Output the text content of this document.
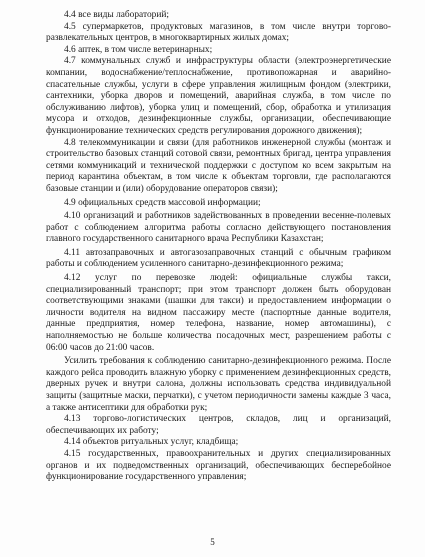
4.4 все виды лабораторий;

4.5 супермаркетов, продуктовых магазинов, в том числе внутри торгово-развлекательных центров, в многоквартирных жилых домах;

4.6 аптек, в том числе ветеринарных;

4.7 коммунальных служб и инфраструктуры области (электроэнергетические компании, водоснабжение/теплоснабжение, противопожарная и аварийно-спасательные службы, услуги в сфере управления жилищным фондом (электрики, сантехники, уборка дворов и помещений, аварийная служба, в том числе по обслуживанию лифтов), уборка улиц и помещений, сбор, обработка и утилизация мусора и отходов, дезинфекционные службы, организации, обеспечивающие функционирование технических средств регулирования дорожного движения);

4.8 телекоммуникации и связи (для работников инженерной службы (монтаж и строительство базовых станций сотовой связи, ремонтных бригад, центра управления сетями коммуникаций и технической поддержки с доступом ко всем закрытым на период карантина объектам, в том числе к объектам торговли, где располагаются базовые станции и (или) оборудование операторов связи);

4.9 официальных средств массовой информации;

4.10 организаций и работников задействованных в проведении весенне-полевых работ с соблюдением алгоритма работы согласно действующего постановления главного государственного санитарного врача Республики Казахстан;

4.11 автозаправочных и автогазозаправочных станций с обычным графиком работы и соблюдением усиленного санитарно-дезинфекционного режима;

4.12 услуг по перевозке людей: официальные службы такси, специализированный транспорт; при этом транспорт должен быть оборудован соответствующими знаками (шашки для такси) и предоставлением информации о личности водителя на видном пассажиру месте (паспортные данные водителя, данные предприятия, номер телефона, название, номер автомашины), с наполняемостью не больше количества посадочных мест, разрешением работы с 06:00 часов до 21:00 часов.

Усилить требования к соблюдению санитарно-дезинфекционного режима. После каждого рейса проводить влажную уборку с применением дезинфекционных средств, дверных ручек и внутри салона, должны использовать средства индивидуальной защиты (защитные маски, перчатки), с учетом периодичности замены каждые 3 часа, а также антисептики для обработки рук;

4.13 торгово-логистических центров, складов, лиц и организаций, обеспечивающих их работу;

4.14 объектов ритуальных услуг, кладбища;

4.15 государственных, правоохранительных и других специализированных органов и их подведомственных организаций, обеспечивающих бесперебойное функционирование государственного управления;

5
